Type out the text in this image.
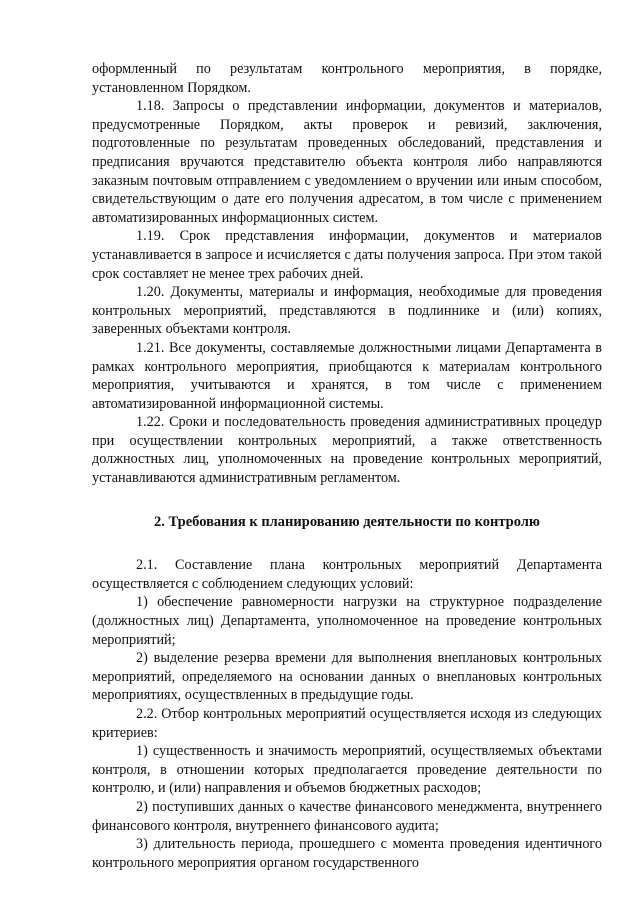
оформленный по результатам контрольного мероприятия, в порядке, установленном Порядком.

1.18. Запросы о представлении информации, документов и материалов, предусмотренные Порядком, акты проверок и ревизий, заключения, подготовленные по результатам проведенных обследований, представления и предписания вручаются представителю объекта контроля либо направляются заказным почтовым отправлением с уведомлением о вручении или иным способом, свидетельствующим о дате его получения адресатом, в том числе с применением автоматизированных информационных систем.

1.19. Срок представления информации, документов и материалов устанавливается в запросе и исчисляется с даты получения запроса. При этом такой срок составляет не менее трех рабочих дней.

1.20. Документы, материалы и информация, необходимые для проведения контрольных мероприятий, представляются в подлиннике и (или) копиях, заверенных объектами контроля.

1.21. Все документы, составляемые должностными лицами Департамента в рамках контрольного мероприятия, приобщаются к материалам контрольного мероприятия, учитываются и хранятся, в том числе с применением автоматизированной информационной системы.

1.22. Сроки и последовательность проведения административных процедур при осуществлении контрольных мероприятий, а также ответственность должностных лиц, уполномоченных на проведение контрольных мероприятий, устанавливаются административным регламентом.

2. Требования к планированию деятельности по контролю

2.1. Составление плана контрольных мероприятий Департамента осуществляется с соблюдением следующих условий:

1) обеспечение равномерности нагрузки на структурное подразделение (должностных лиц) Департамента, уполномоченное на проведение контрольных мероприятий;

2) выделение резерва времени для выполнения внеплановых контрольных мероприятий, определяемого на основании данных о внеплановых контрольных мероприятиях, осуществленных в предыдущие годы.

2.2. Отбор контрольных мероприятий осуществляется исходя из следующих критериев:

1) существенность и значимость мероприятий, осуществляемых объектами контроля, в отношении которых предполагается проведение деятельности по контролю, и (или) направления и объемов бюджетных расходов;

2) поступивших данных о качестве финансового менеджмента, внутреннего финансового контроля, внутреннего финансового аудита;

3) длительность периода, прошедшего с момента проведения идентичного контрольного мероприятия органом государственного
